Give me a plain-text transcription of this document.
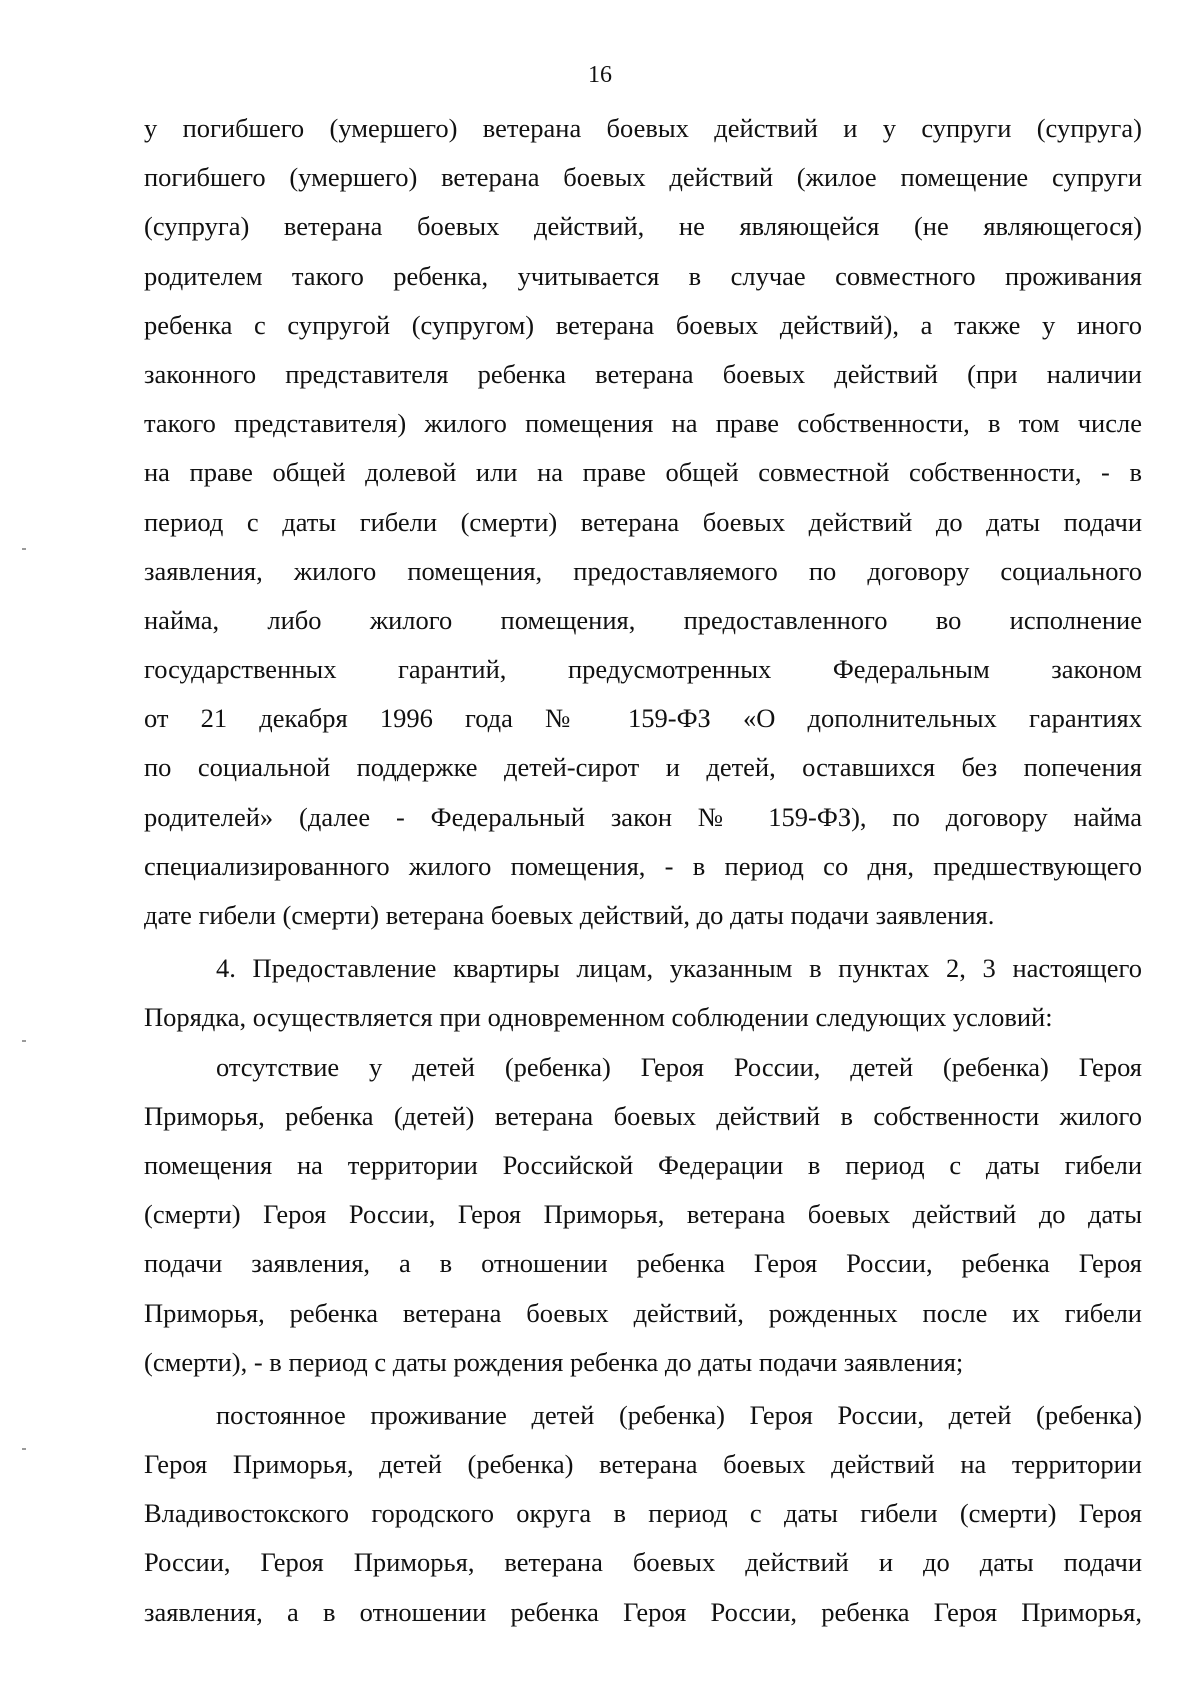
16
у погибшего (умершего) ветерана боевых действий и у супруги (супруга)
погибшего (умершего) ветерана боевых действий (жилое помещение супруги
(супруга) ветерана боевых действий, не являющейся (не являющегося)
родителем такого ребенка, учитывается в случае совместного проживания
ребенка с супругой (супругом) ветерана боевых действий), а также у иного
законного представителя ребенка ветерана боевых действий (при наличии
такого представителя) жилого помещения на праве собственности, в том числе
на праве общей долевой или на праве общей совместной собственности, - в
период с даты гибели (смерти) ветерана боевых действий до даты подачи
заявления, жилого помещения, предоставляемого по договору социального
найма, либо жилого помещения, предоставленного во исполнение
государственных гарантий, предусмотренных Федеральным законом
от 21 декабря 1996 года № 159-ФЗ «О дополнительных гарантиях
по социальной поддержке детей-сирот и детей, оставшихся без попечения
родителей» (далее - Федеральный закон № 159-ФЗ), по договору найма
специализированного жилого помещения, - в период со дня, предшествующего
дате гибели (смерти) ветерана боевых действий, до даты подачи заявления.
4. Предоставление квартиры лицам, указанным в пунктах 2, 3 настоящего
Порядка, осуществляется при одновременном соблюдении следующих условий:
отсутствие у детей (ребенка) Героя России, детей (ребенка) Героя
Приморья, ребенка (детей) ветерана боевых действий в собственности жилого
помещения на территории Российской Федерации в период с даты гибели
(смерти) Героя России, Героя Приморья, ветерана боевых действий до даты
подачи заявления, а в отношении ребенка Героя России, ребенка Героя
Приморья, ребенка ветерана боевых действий, рожденных после их гибели
(смерти), - в период с даты рождения ребенка до даты подачи заявления;
постоянное проживание детей (ребенка) Героя России, детей (ребенка)
Героя Приморья, детей (ребенка) ветерана боевых действий на территории
Владивостокского городского округа в период с даты гибели (смерти) Героя
России, Героя Приморья, ветерана боевых действий и до даты подачи
заявления, а в отношении ребенка Героя России, ребенка Героя Приморья,
